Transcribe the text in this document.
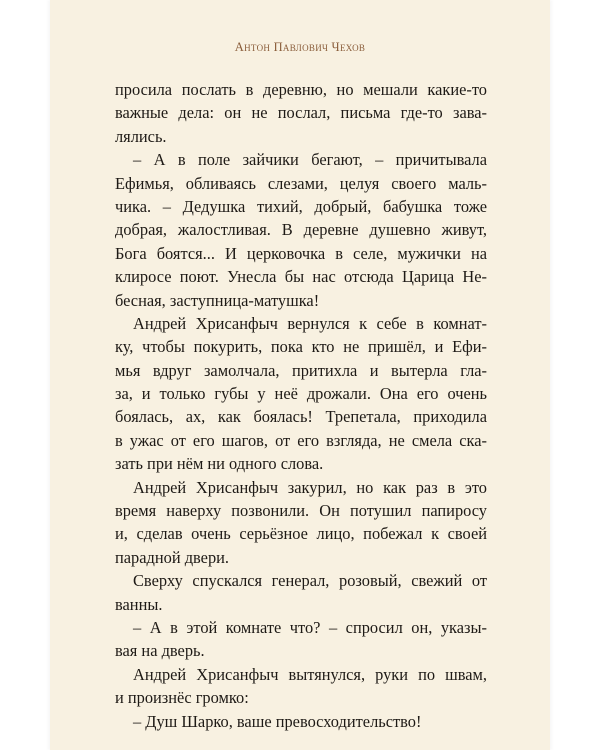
Антон Павлович Чехов

просила послать в деревню, но мешали какие-то
важные дела: он не послал, письма где-то зава-
лялись.

– А в поле зайчики бегают, – причитывала
Ефимья, обливаясь слезами, целуя своего маль-
чика. – Дедушка тихий, добрый, бабушка тоже
добрая, жалостливая. В деревне душевно живут,
Бога боятся... И церковочка в селе, мужички на
клиросе поют. Унесла бы нас отсюда Царица Не-
бесная, заступница-матушка!

Андрей Хрисанфыч вернулся к себе в комнат-
ку, чтобы покурить, пока кто не пришёл, и Ефи-
мья вдруг замолчала, притихла и вытерла гла-
за, и только губы у неё дрожали. Она его очень
боялась, ах, как боялась! Трепетала, приходила
в ужас от его шагов, от его взгляда, не смела ска-
зать при нём ни одного слова.

Андрей Хрисанфыч закурил, но как раз в это
время наверху позвонили. Он потушил папиросу
и, сделав очень серьёзное лицо, побежал к своей
парадной двери.

Сверху спускался генерал, розовый, свежий от
ванны.

– А в этой комнате что? – спросил он, указы-
вая на дверь.

Андрей Хрисанфыч вытянулся, руки по швам,
и произнёс громко:

– Душ Шарко, ваше превосходительство!
